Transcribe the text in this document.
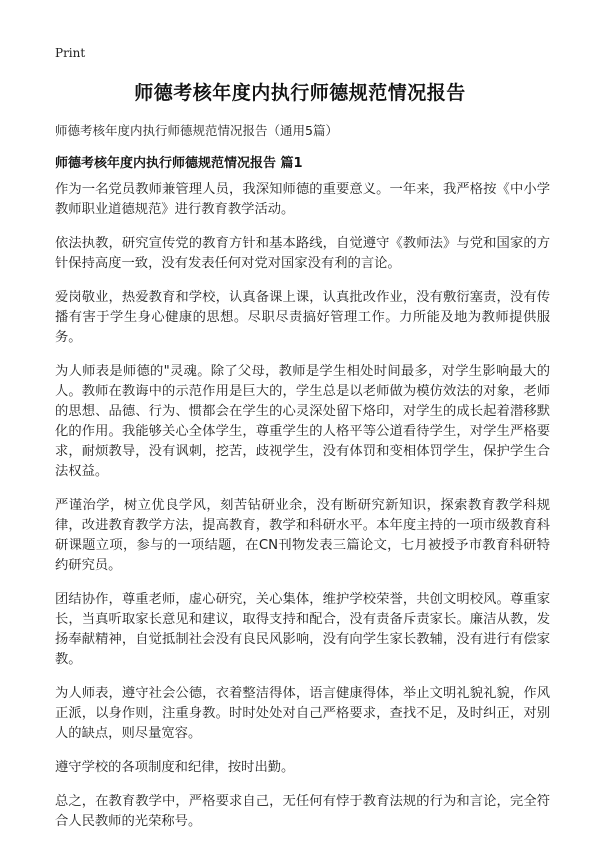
Print
师德考核年度内执行师德规范情况报告
师德考核年度内执行师德规范情况报告（通用5篇）
师德考核年度内执行师德规范情况报告 篇1

作为一名党员教师兼管理人员，我深知师德的重要意义。一年来，我严格按《中小学教师职业道德规范》进行教育教学活动。

依法执教，研究宣传党的教育方针和基本路线，自觉遵守《教师法》与党和国家的方针保持高度一致，没有发表任何对党对国家没有利的言论。

爱岗敬业，热爱教育和学校，认真备课上课，认真批改作业，没有敷衍塞责，没有传播有害于学生身心健康的思想。尽职尽责搞好管理工作。力所能及地为教师提供服务。

为人师表是师德的"灵魂。除了父母，教师是学生相处时间最多，对学生影响最大的人。教师在教诲中的示范作用是巨大的，学生总是以老师做为模仿效法的对象，老师的思想、品德、行为、惯都会在学生的心灵深处留下烙印，对学生的成长起着潜移默化的作用。我能够关心全体学生，尊重学生的人格平等公道看待学生，对学生严格要求，耐烦教导，没有讽刺，挖苦，歧视学生，没有体罚和变相体罚学生，保护学生合法权益。

严谨治学，树立优良学风，刻苦钻研业余，没有断研究新知识，探索教育教学科规律，改进教育教学方法，提高教育，教学和科研水平。本年度主持的一项市级教育科研课题立项，参与的一项结题，在CN刊物发表三篇论文，七月被授予市教育科研特约研究员。

团结协作，尊重老师，虚心研究，关心集体，维护学校荣誉，共创文明校风。尊重家长，当真听取家长意见和建议，取得支持和配合，没有责备斥责家长。廉洁从教，发扬奉献精神，自觉抵制社会没有良民风影响，没有向学生家长教辅，没有进行有偿家教。

为人师表，遵守社会公德，衣着整洁得体，语言健康得体，举止文明礼貌礼貌，作风正派，以身作则，注重身教。时时处处对自己严格要求，查找不足，及时纠正，对别人的缺点，则尽量宽容。

遵守学校的各项制度和纪律，按时出勤。

总之，在教育教学中，严格要求自己，无任何有悖于教育法规的行为和言论，完全符合人民教师的光荣称号。
